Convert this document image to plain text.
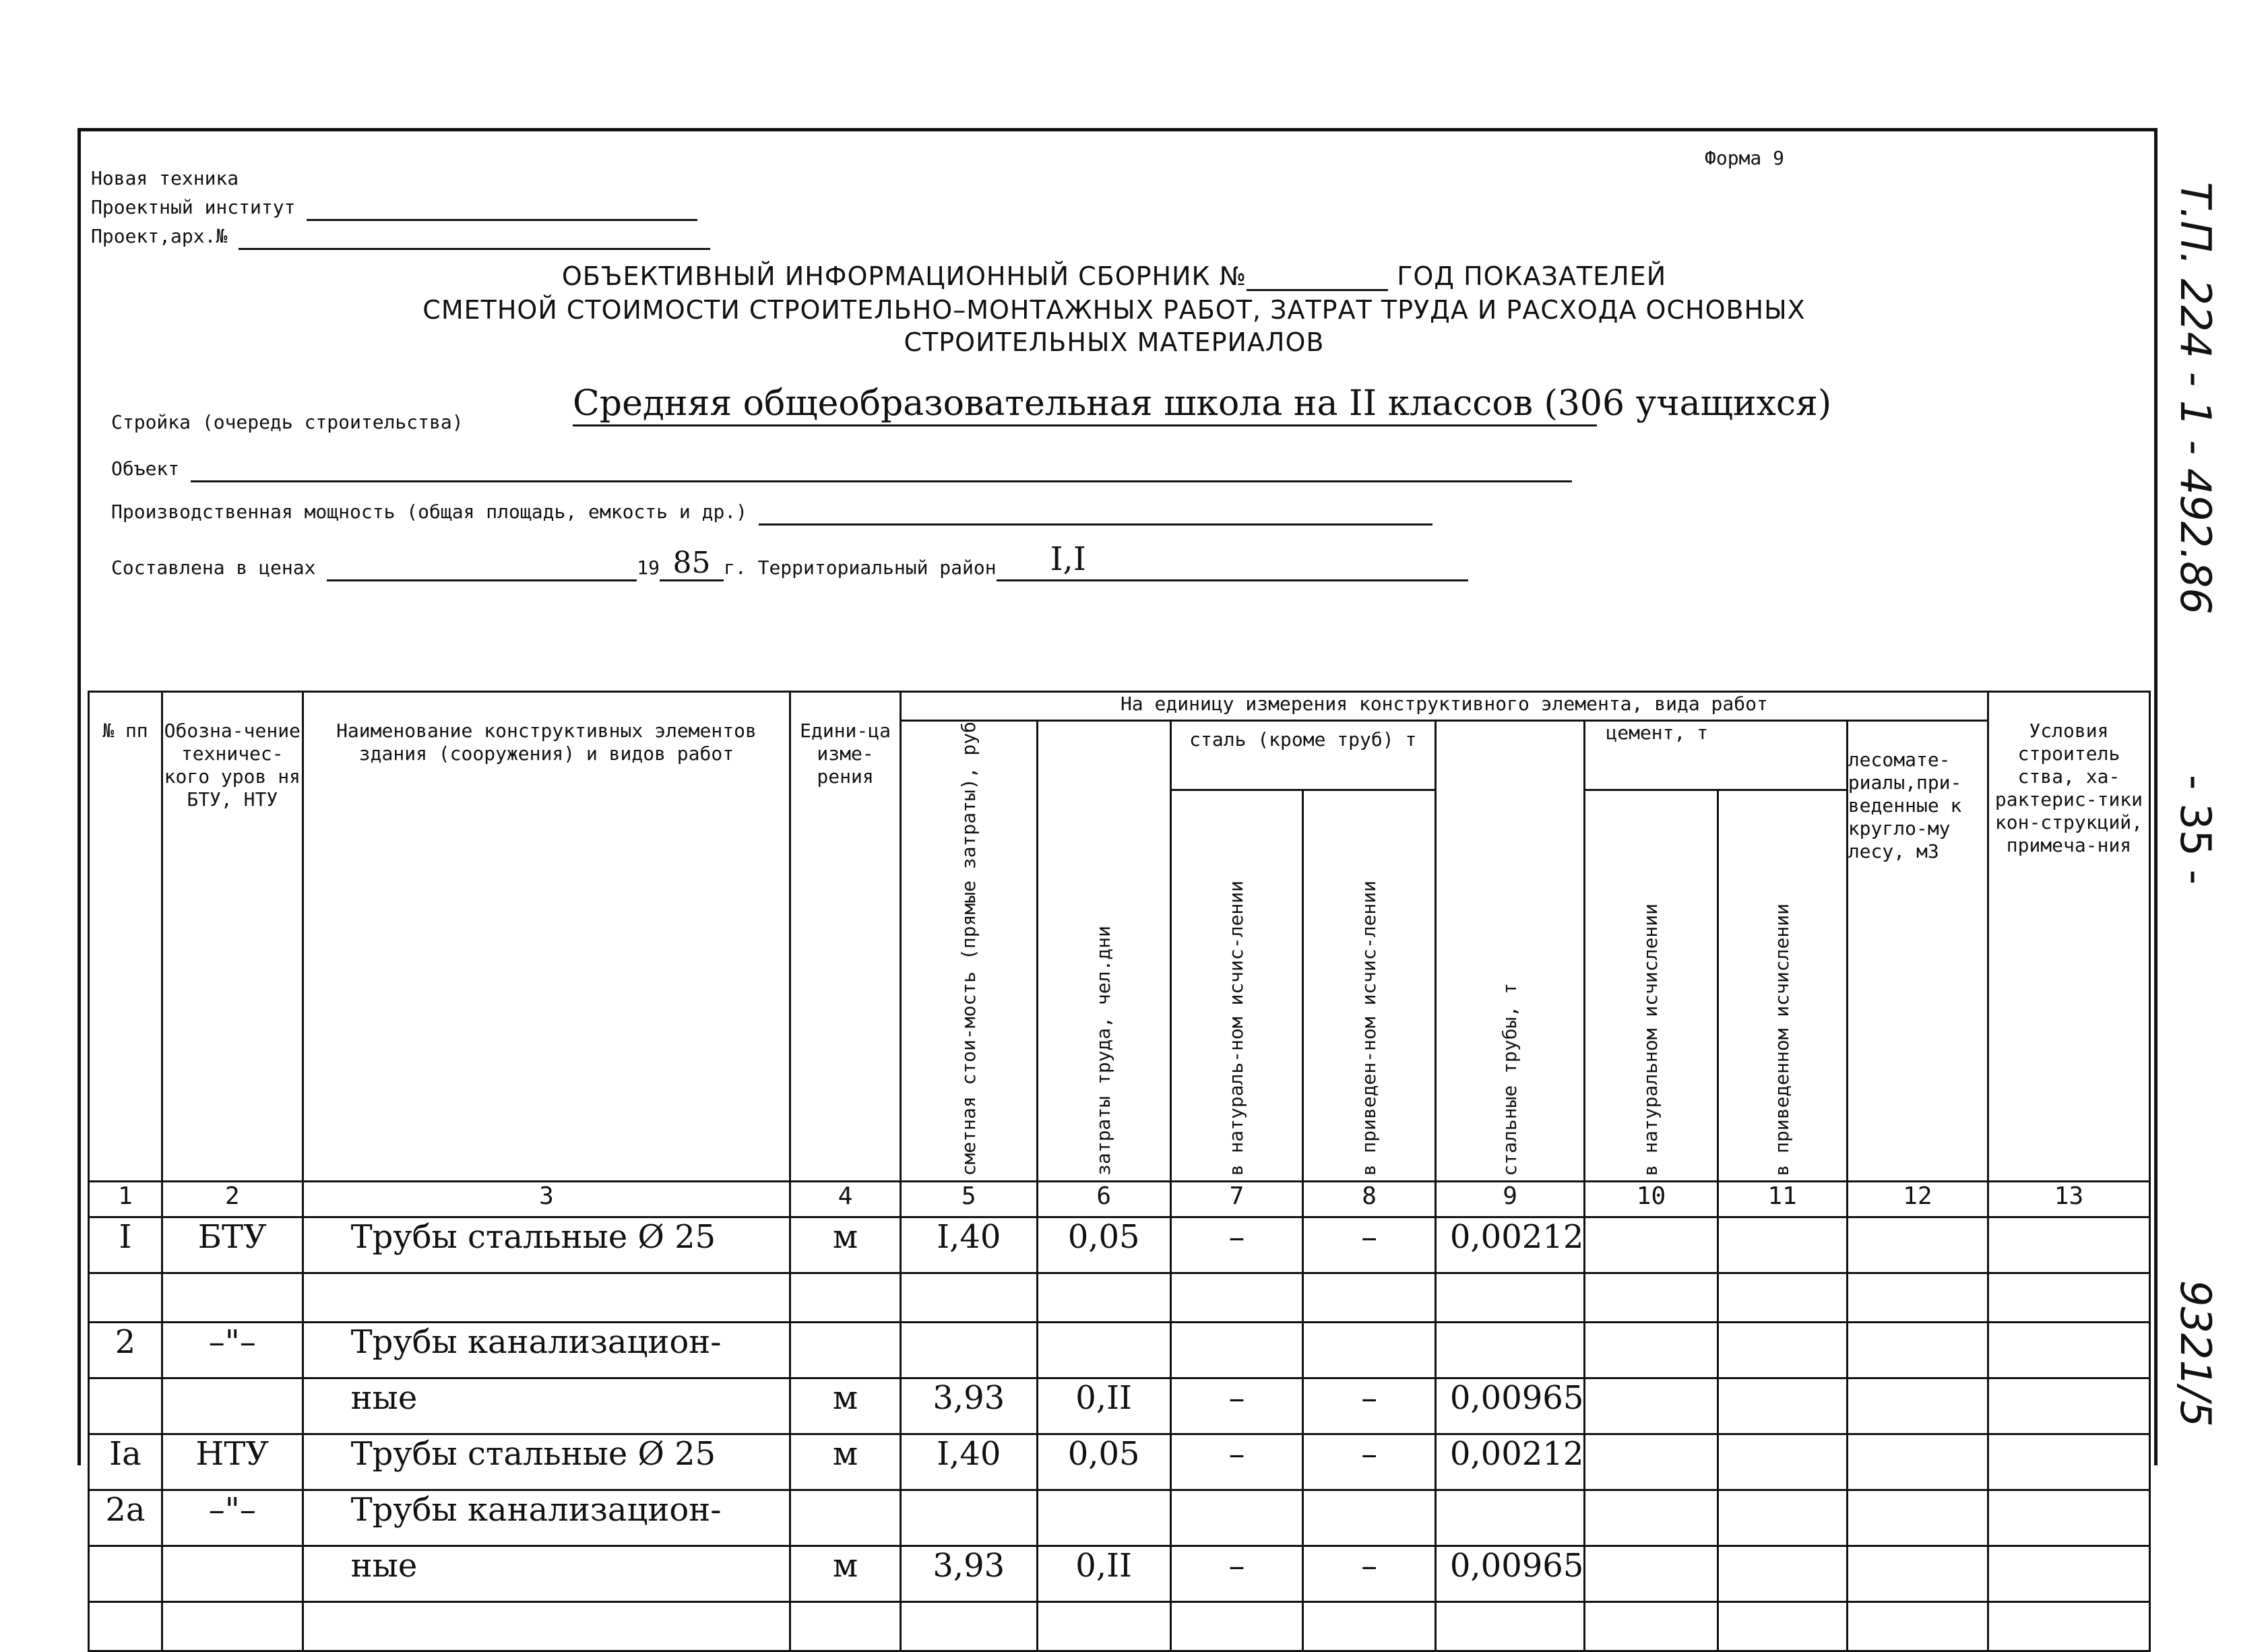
Форма 9
Новая техника
Проектный институт
Проект,арх.№
ОБЪЕКТИВНЫЙ ИНФОРМАЦИОННЫЙ СБОРНИК №	ГОД ПОКАЗАТЕЛЕЙ
СМЕТНОЙ СТОИМОСТИ СТРОИТЕЛЬНО–МОНТАЖНЫХ РАБОТ, ЗАТРАТ ТРУДА И РАСХОДА ОСНОВНЫХ
СТРОИТЕЛЬНЫХ МАТЕРИАЛОВ
Стройка (очередь строительства)	Средняя общеобразовательная школа на II классов (306 учащихся)
Объект
Производственная мощность (общая площадь, емкость и др.)
Составлена в ценах	19 85 г. Территориальный район I,I	Т.П. 224 - 1 - 492.86
- 35 -
9321/5
№ пп	Обозна-чение техничес-кого уров ня БТУ, НТУ	Наименование конструктивных элементов здания (сооружения) и видов работ	Едини-ца изме-рения	На единицу измерения конструктивного элемента, вида работ								Условия строитель ства, ха-рактерис-тики кон-струкций, примеча-ния
				сметная стои-мость (прямые затраты), руб	затраты труда, чел.дни	сталь (кроме труб) т		стальные трубы, т	цемент, т		лесомате-риалы,при-веденные к кругло-му лесу, м3	
						в натураль-ном исчис-лении	в приведен-ном исчис-лении		в натуральном исчислении	в приведенном исчислении		
1	2	3	4	5	6	7	8	9	10	11	12	13
I	БТУ	Трубы стальные Ø 25	м	I,40	0,05	–	–	0,00212				

2	–"–	Трубы канализацион-										
		ные	м	3,93	0,II	–	–	0,00965				
Iа	НТУ	Трубы стальные Ø 25	м	I,40	0,05	–	–	0,00212				
2а	–"–	Трубы канализацион-										
		ные	м	3,93	0,II	–	–	0,00965				
